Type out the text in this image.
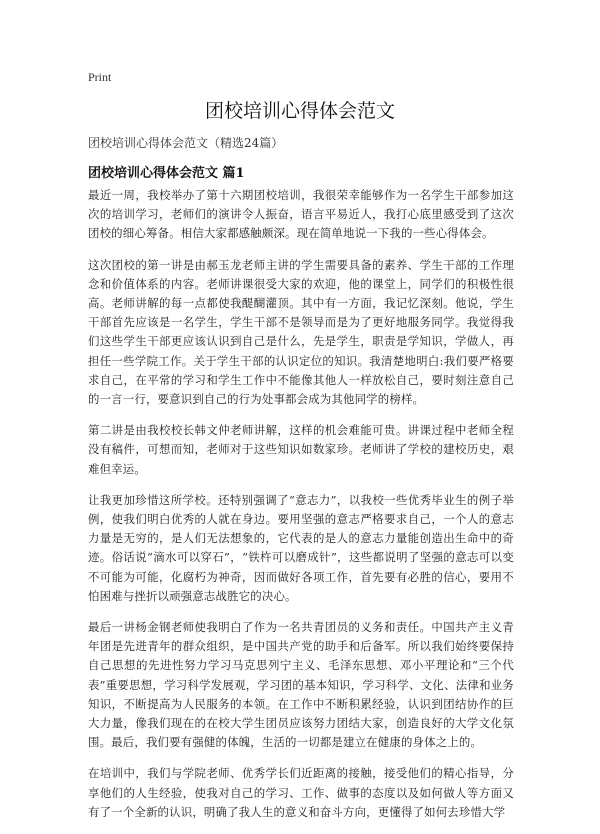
Print
团校培训心得体会范文

团校培训心得体会范文（精选24篇）

团校培训心得体会范文 篇1

最近一周，我校举办了第十六期团校培训，我很荣幸能够作为一名学生干部参加这次的培训学习，老师们的演讲令人振奋，语言平易近人，我打心底里感受到了这次团校的细心筹备。相信大家都感触颇深。现在简单地说一下我的一些心得体会。

这次团校的第一讲是由郝玉龙老师主讲的学生需要具备的素养、学生干部的工作理念和价值体系的内容。老师讲课很受大家的欢迎，他的课堂上，同学们的积极性很高。老师讲解的每一点都使我醍醐灌顶。其中有一方面，我记忆深刻。他说，学生干部首先应该是一名学生，学生干部不是领导而是为了更好地服务同学。我觉得我们这些学生干部更应该认识到自己是什么，先是学生，职责是学知识，学做人，再担任一些学院工作。关于学生干部的认识定位的知识。我清楚地明白:我们要严格要求自己，在平常的学习和学生工作中不能像其他人一样放松自己，要时刻注意自己的一言一行，要意识到自己的行为处事都会成为其他同学的榜样。

第二讲是由我校校长韩文仲老师讲解，这样的机会难能可贵。讲课过程中老师全程没有稿件，可想而知，老师对于这些知识如数家珍。老师讲了学校的建校历史，艰难但幸运。

让我更加珍惜这所学校。还特别强调了“意志力”，以我校一些优秀毕业生的例子举例，使我们明白优秀的人就在身边。要用坚强的意志严格要求自己，一个人的意志力量是无穷的，是人们无法想象的，它代表的是人的意志力量能创造出生命中的奇迹。俗话说“滴水可以穿石”，“铁杵可以磨成针”，这些都说明了坚强的意志可以变不可能为可能，化腐朽为神奇，因而做好各项工作，首先要有必胜的信心，要用不怕困难与挫折以顽强意志战胜它的决心。

最后一讲杨金钢老师使我明白了作为一名共青团员的义务和责任。中国共产主义青年团是先进青年的群众组织，是中国共产党的助手和后备军。所以我们始终要保持自己思想的先进性努力学习马克思列宁主义、毛泽东思想、邓小平理论和“三个代表”重要思想，学习科学发展观，学习团的基本知识，学习科学、文化、法律和业务知识，不断提高为人民服务的本领。在工作中不断积累经验，认识到团结协作的巨大力量，像我们现在的在校大学生团员应该努力团结大家，创造良好的大学文化氛围。最后，我们要有强健的体魄，生活的一切都是建立在健康的身体之上的。

在培训中，我们与学院老师、优秀学长们近距离的接触，接受他们的精心指导，分享他们的人生经验，使我对自己的学习、工作、做事的态度以及如何做人等方面又有了一个全新的认识，明确了我人生的意义和奋斗方向，更懂得了如何去珍惜大学
